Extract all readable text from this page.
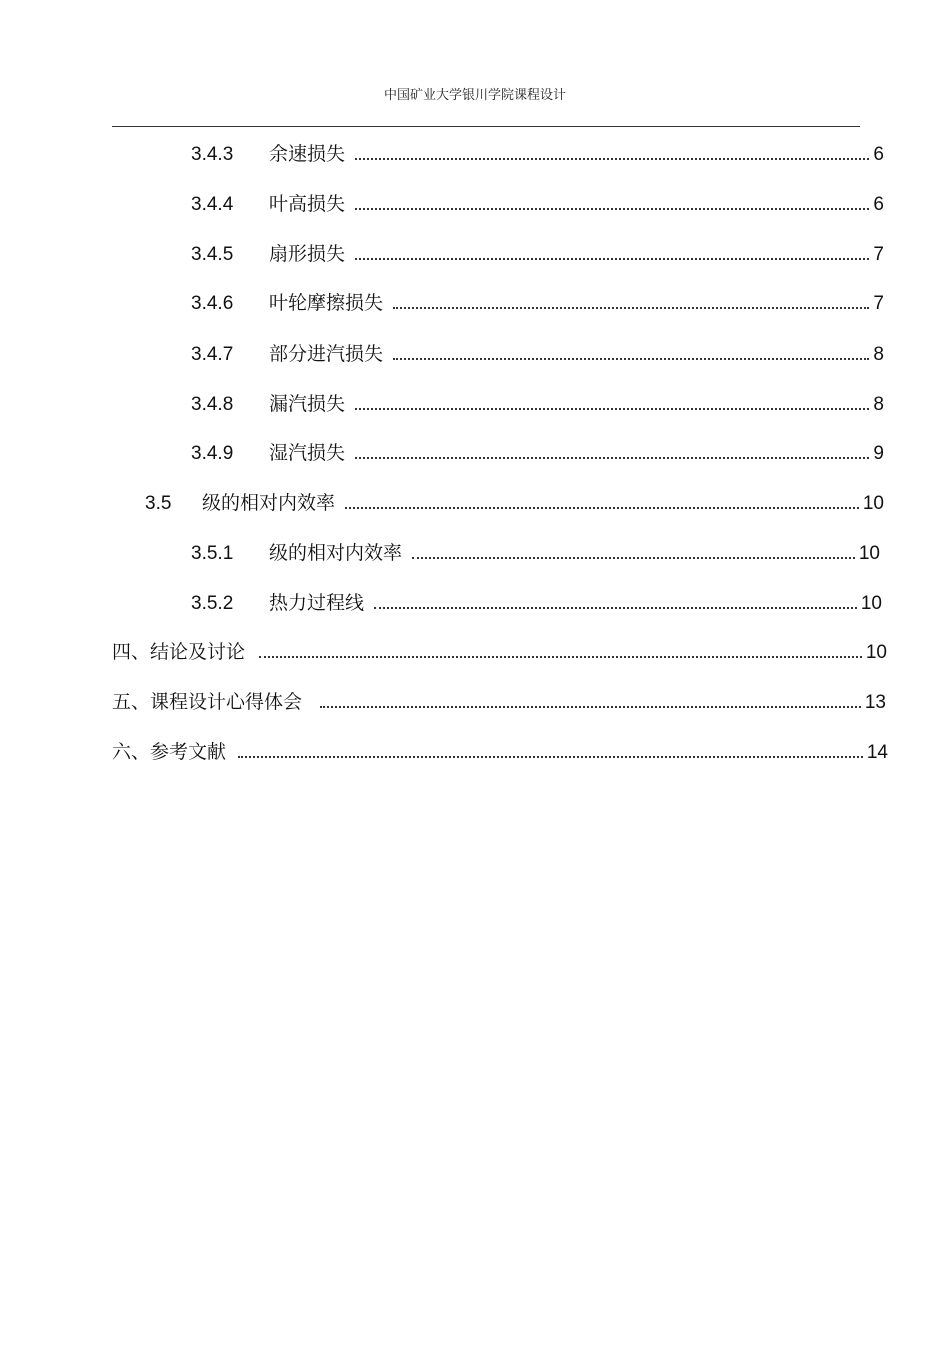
中国矿业大学银川学院课程设计
3.4.3	余速损失	6
3.4.4	叶高损失	6
3.4.5	扇形损失	7
3.4.6	叶轮摩擦损失	7
3.4.7	部分进汽损失	8
3.4.8	漏汽损失	8
3.4.9	湿汽损失	9
3.5	级的相对内效率	10
3.5.1	级的相对内效率	10
3.5.2	热力过程线	10
四、结论及讨论	10
五、课程设计心得体会	13
六、参考文献	14
